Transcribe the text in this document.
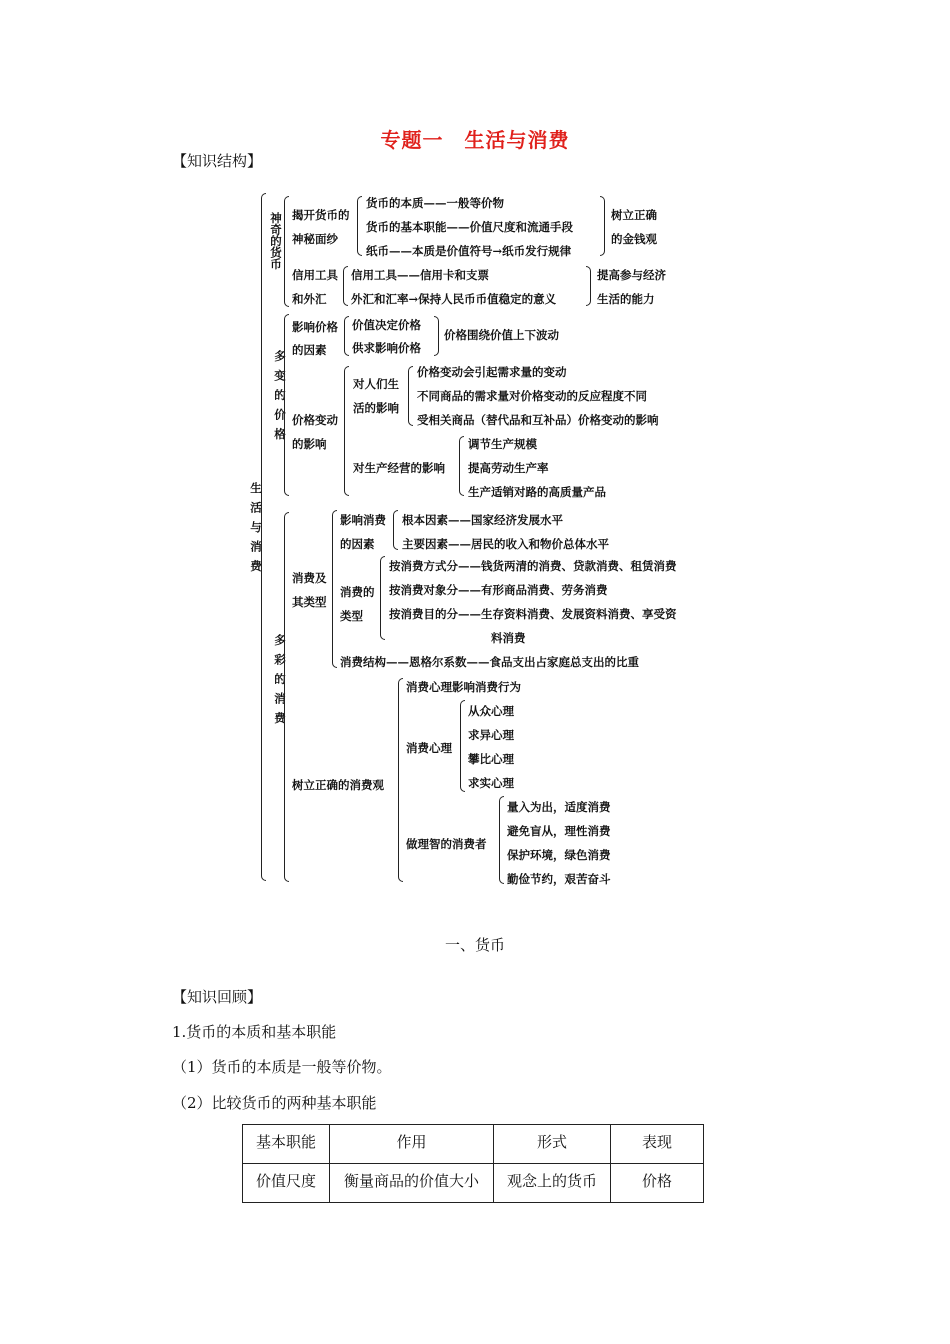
专题一　生活与消费
【知识结构】
生活与消费
神奇的货币 揭开货币的
神秘面纱
货币的本质——一般等价物
货币的基本职能——价值尺度和流通手段
纸币——本质是价值符号→纸币发行规律
树立正确
的金钱观
信用工具
和外汇
信用工具——信用卡和支票
外汇和汇率→保持人民币币值稳定的意义
提高参与经济
生活的能力
多变的价格
影响价格
的因素
价值决定价格
供求影响价格
价格围绕价值上下波动
价格变动
的影响
对人们生
活的影响
价格变动会引起需求量的变动
不同商品的需求量对价格变动的反应程度不同
受相关商品（替代品和互补品）价格变动的影响
对生产经营的影响
调节生产规模
提高劳动生产率
生产适销对路的高质量产品
多彩的消费
消费及
其类型
影响消费
的因素
根本因素——国家经济发展水平
主要因素——居民的收入和物价总体水平
消费的
类型
按消费方式分——钱货两清的消费、贷款消费、租赁消费
按消费对象分——有形商品消费、劳务消费
按消费目的分——生存资料消费、发展资料消费、享受资
料消费
消费结构——恩格尔系数——食品支出占家庭总支出的比重
树立正确的消费观
消费心理影响消费行为
消费心理
从众心理
求异心理
攀比心理
求实心理
做理智的消费者
量入为出，适度消费
避免盲从，理性消费
保护环境，绿色消费
勤俭节约，艰苦奋斗
一、货币
【知识回顾】
1.货币的本质和基本职能
（1）货币的本质是一般等价物。
（2）比较货币的两种基本职能
基本职能	作用	形式	表现
价值尺度	衡量商品的价值大小	观念上的货币	价格
